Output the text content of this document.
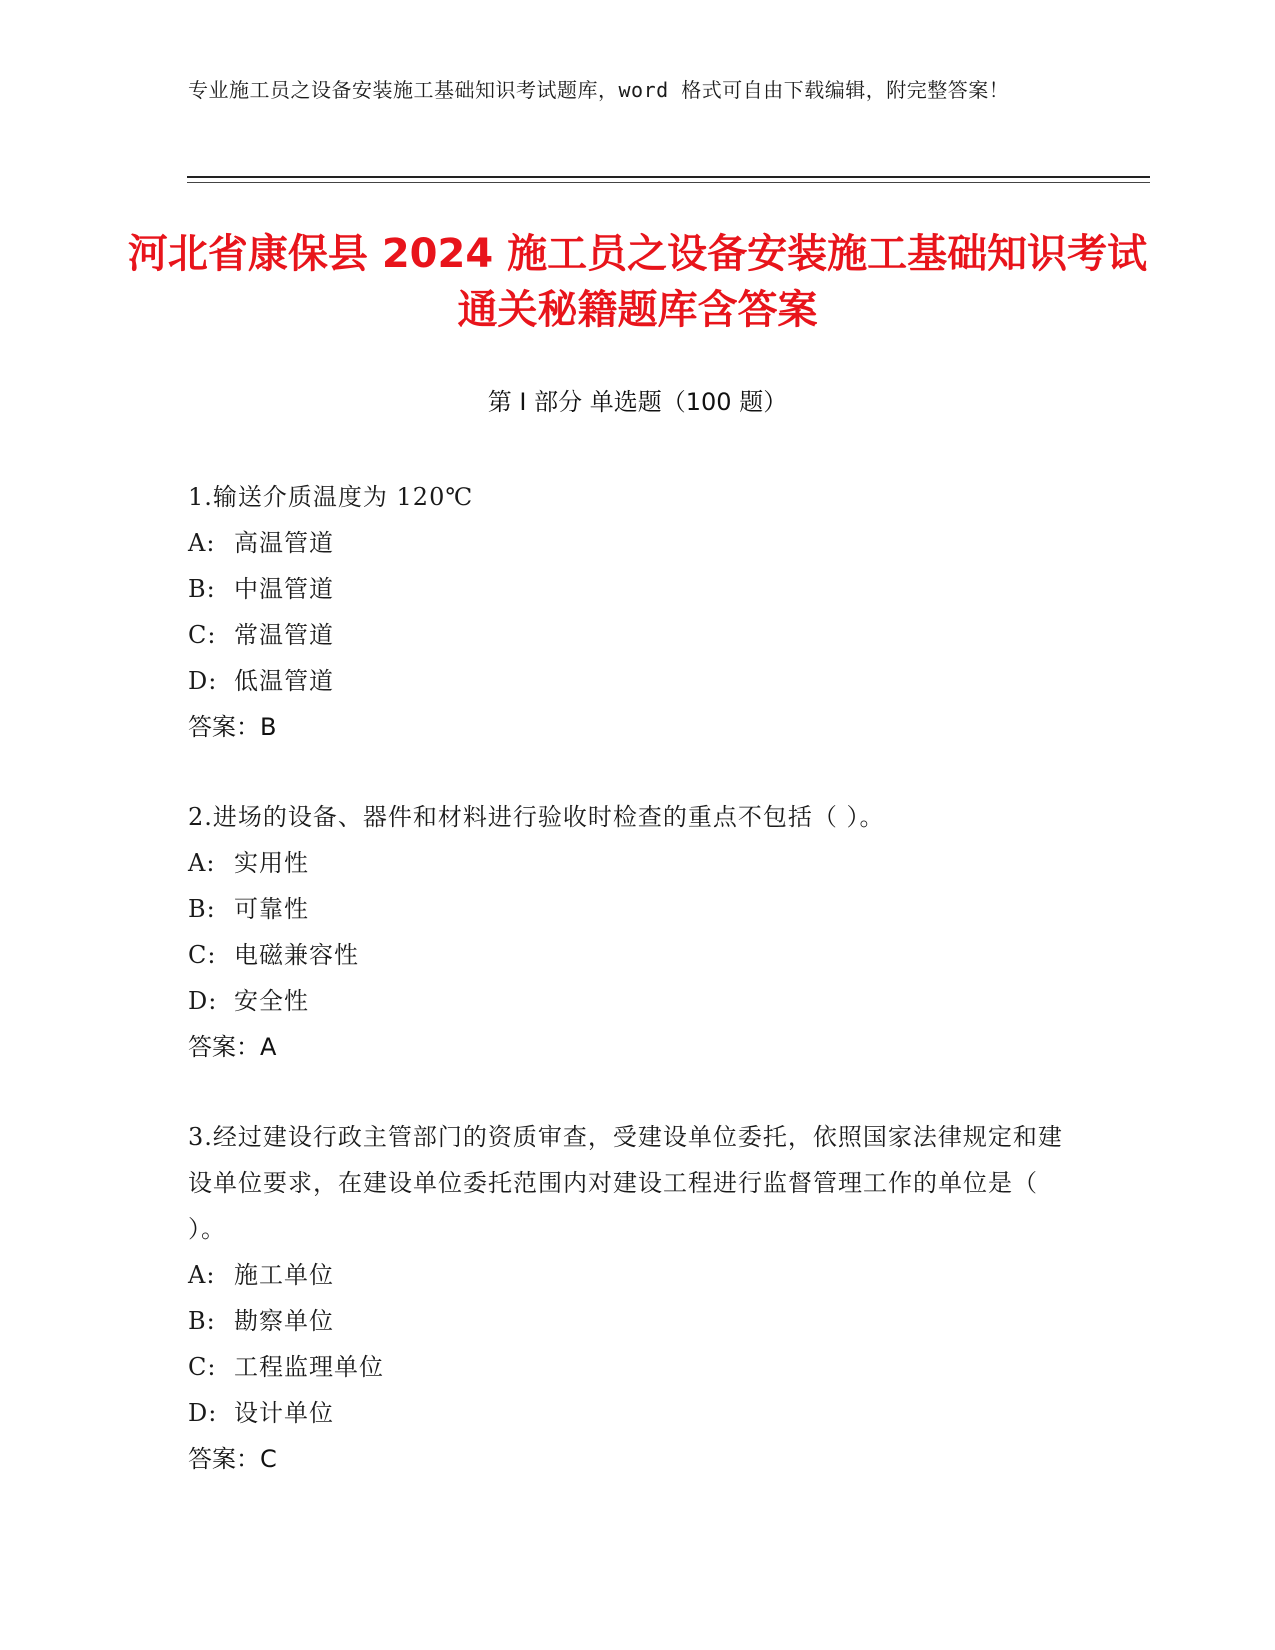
专业施工员之设备安装施工基础知识考试题库，word 格式可自由下载编辑，附完整答案！
河北省康保县 2024 施工员之设备安装施工基础知识考试通关秘籍题库含答案
第 I 部分 单选题（100 题）
1.输送介质温度为 120℃
A: 高温管道
B: 中温管道
C: 常温管道
D: 低温管道
答案：B
2.进场的设备、器件和材料进行验收时检查的重点不包括（ ）。
A: 实用性
B: 可靠性
C: 电磁兼容性
D: 安全性
答案：A
3.经过建设行政主管部门的资质审查，受建设单位委托，依照国家法律规定和建设单位要求，在建设单位委托范围内对建设工程进行监督管理工作的单位是（ ）。
A: 施工单位
B: 勘察单位
C: 工程监理单位
D: 设计单位
答案：C
